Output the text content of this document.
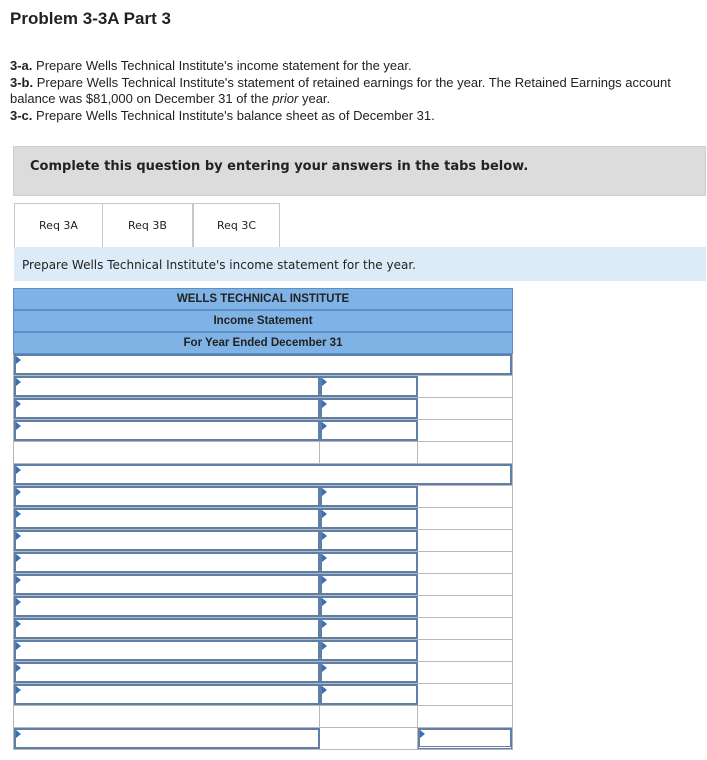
Problem 3-3A Part 3
3-a. Prepare Wells Technical Institute's income statement for the year.
3-b. Prepare Wells Technical Institute's statement of retained earnings for the year. The Retained Earnings account balance was $81,000 on December 31 of the prior year.
3-c. Prepare Wells Technical Institute's balance sheet as of December 31.
Complete this question by entering your answers in the tabs below.
Req 3A	Req 3B	Req 3C
Prepare Wells Technical Institute's income statement for the year.
WELLS TECHNICAL INSTITUTE
Income Statement
For Year Ended December 31
